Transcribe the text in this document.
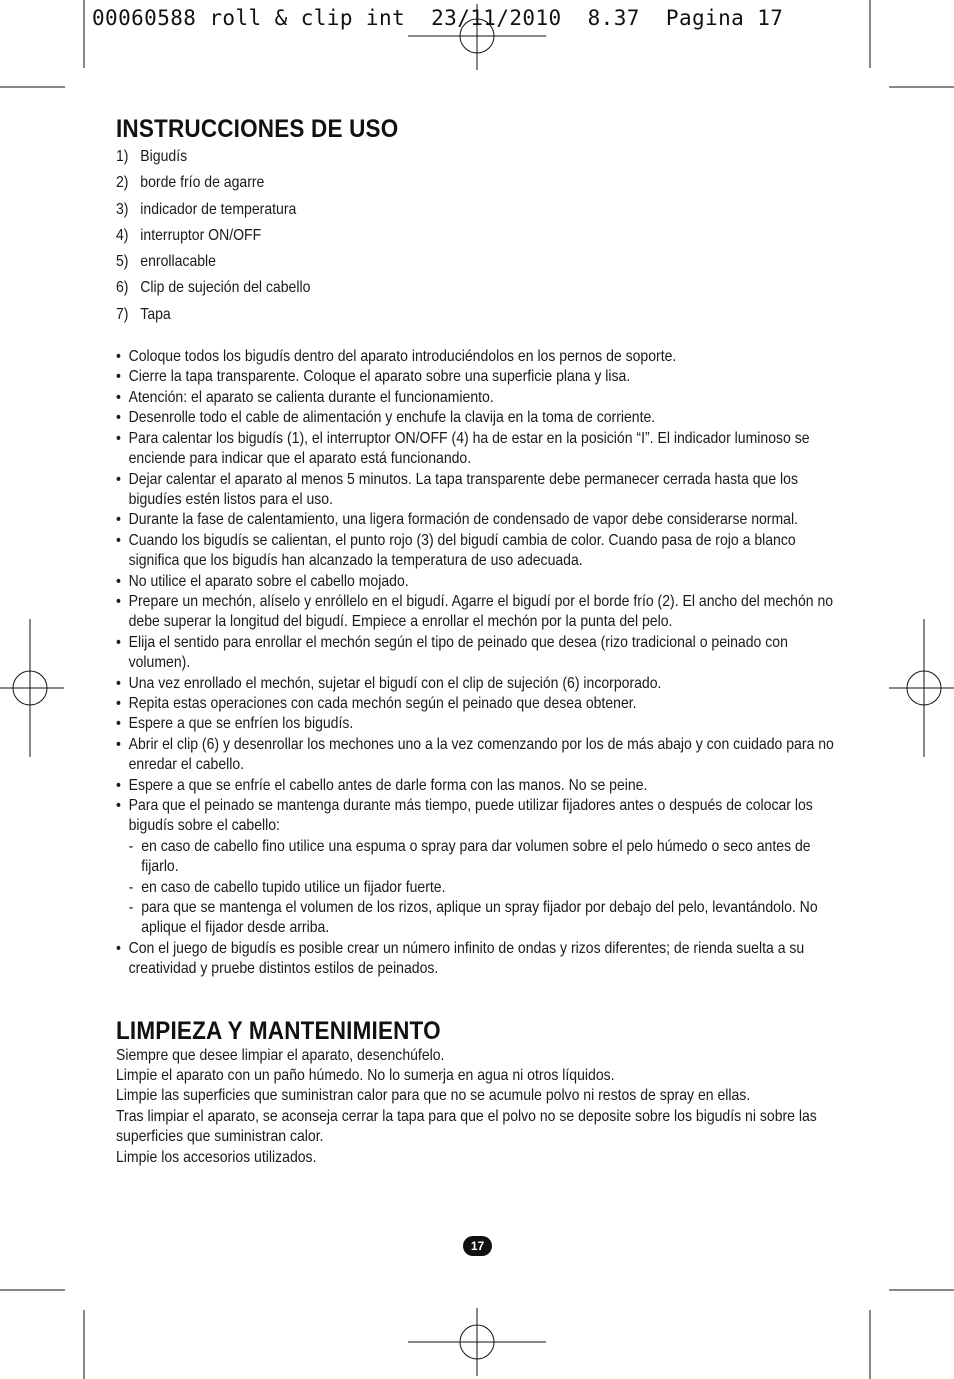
00060588 roll & clip int  23/11/2010  8.37  Pagina 17
INSTRUCCIONES DE USO
1) Bigudís
2) borde frío de agarre
3) indicador de temperatura
4) interruptor ON/OFF
5) enrollacable
6) Clip de sujeción del cabello
7) Tapa
• Coloque todos los bigudís dentro del aparato introduciéndolos en los pernos de soporte.
• Cierre la tapa transparente. Coloque el aparato sobre una superficie plana y lisa.
• Atención: el aparato se calienta durante el funcionamiento.
• Desenrolle todo el cable de alimentación y enchufe la clavija en la toma de corriente.
• Para calentar los bigudís (1), el interruptor ON/OFF (4) ha de estar en la posición “I”. El indicador luminoso se enciende para indicar que el aparato está funcionando.
• Dejar calentar el aparato al menos 5 minutos. La tapa transparente debe permanecer cerrada hasta que los bigudíes estén listos para el uso.
• Durante la fase de calentamiento, una ligera formación de condensado de vapor debe considerarse normal.
• Cuando los bigudís se calientan, el punto rojo (3) del bigudí cambia de color. Cuando pasa de rojo a blanco significa que los bigudís han alcanzado la temperatura de uso adecuada.
• No utilice el aparato sobre el cabello mojado.
• Prepare un mechón, alíselo y enróllelo en el bigudí. Agarre el bigudí por el borde frío (2). El ancho del mechón no debe superar la longitud del bigudí. Empiece a enrollar el mechón por la punta del pelo.
• Elija el sentido para enrollar el mechón según el tipo de peinado que desea (rizo tradicional o peinado con volumen).
• Una vez enrollado el mechón, sujetar el bigudí con el clip de sujeción (6) incorporado.
• Repita estas operaciones con cada mechón según el peinado que desea obtener.
• Espere a que se enfríen los bigudís.
• Abrir el clip (6) y desenrollar los mechones uno a la vez comenzando por los de más abajo y con cuidado para no enredar el cabello.
• Espere a que se enfríe el cabello antes de darle forma con las manos. No se peine.
• Para que el peinado se mantenga durante más tiempo, puede utilizar fijadores antes o después de colocar los bigudís sobre el cabello:
- en caso de cabello fino utilice una espuma o spray para dar volumen sobre el pelo húmedo o seco antes de fijarlo.
- en caso de cabello tupido utilice un fijador fuerte.
- para que se mantenga el volumen de los rizos, aplique un spray fijador por debajo del pelo, levantándolo. No aplique el fijador desde arriba.
• Con el juego de bigudís es posible crear un número infinito de ondas y rizos diferentes; de rienda suelta a su creatividad y pruebe distintos estilos de peinados.
LIMPIEZA Y MANTENIMIENTO

Siempre que desee limpiar el aparato, desenchúfelo.

Limpie el aparato con un paño húmedo. No lo sumerja en agua ni otros líquidos.

Limpie las superficies que suministran calor para que no se acumule polvo ni restos de spray en ellas.

Tras limpiar el aparato, se aconseja cerrar la tapa para que el polvo no se deposite sobre los bigudís ni sobre las superficies que suministran calor.

Limpie los accesorios utilizados.

17
